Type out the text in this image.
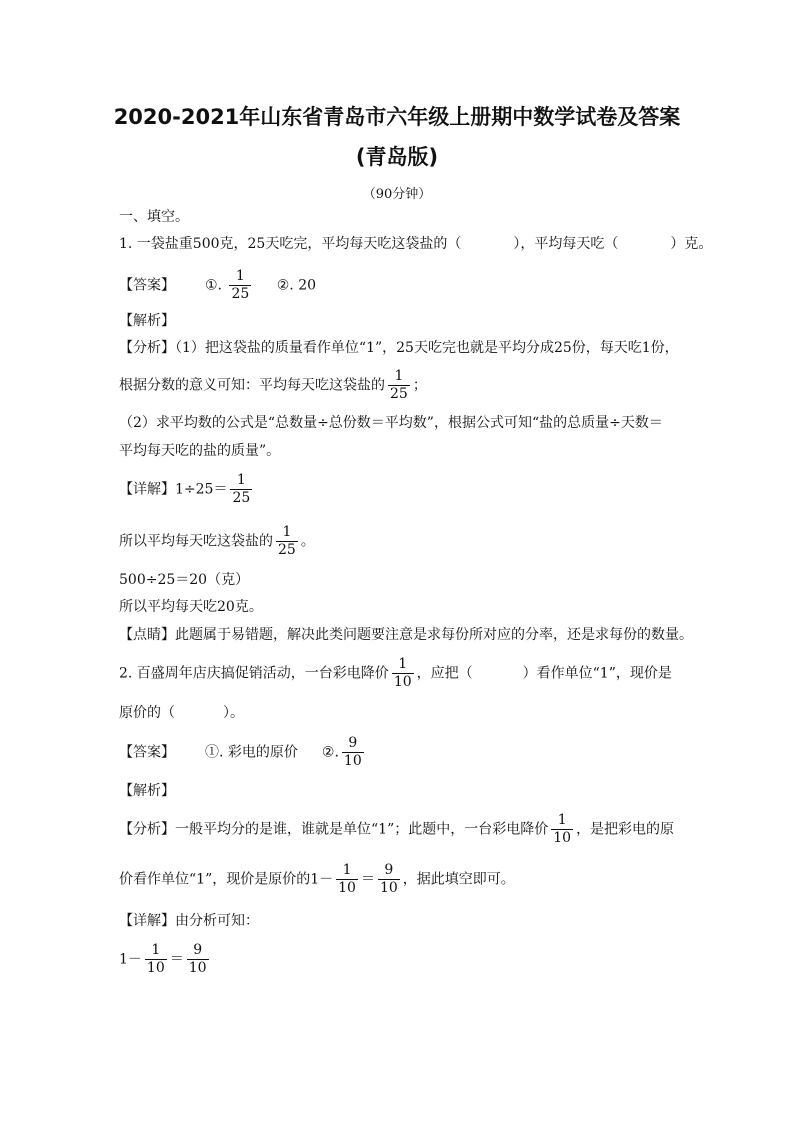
2020-2021年山东省青岛市六年级上册期中数学试卷及答案
(青岛版)
（90分钟）
一、填空。
1. 一袋盐重500克，25天吃完，平均每天吃这袋盐的（	），平均每天吃（	）克。
【答案】 ①. $\frac{1}{25}$ ②. 20
【解析】
【分析】（1）把这袋盐的质量看作单位“1”，25天吃完也就是平均分成25份，每天吃1份，
根据分数的意义可知：平均每天吃这袋盐的 $\frac{1}{25}$ ；
（2）求平均数的公式是“总数量÷总份数＝平均数”，根据公式可知“盐的总质量÷天数＝
平均每天吃的盐的质量”。
【详解】$1\div 25= \frac{1}{25}$
所以平均每天吃这袋盐的 $\frac{1}{25}$ 。
500÷25＝20（克）
所以平均每天吃20克。
【点睛】此题属于易错题，解决此类问题要注意是求每份所对应的分率，还是求每份的数量。
2. 百盛周年店庆搞促销活动，一台彩电降价 $\frac{1}{10}$ ，应把（	）看作单位“1”，现价是
原价的（	）。
【答案】 ①. 彩电的原价 ②. $\frac{9}{10}$
【解析】
【分析】一般平均分的是谁，谁就是单位“1”；此题中，一台彩电降价 $\frac{1}{10}$ ，是把彩电的原
价看作单位“1”，现价是原价的$1- \frac{1}{10} = \frac{9}{10}$ ，据此填空即可。
【详解】由分析可知：
$1- \frac{1}{10} = \frac{9}{10}$
